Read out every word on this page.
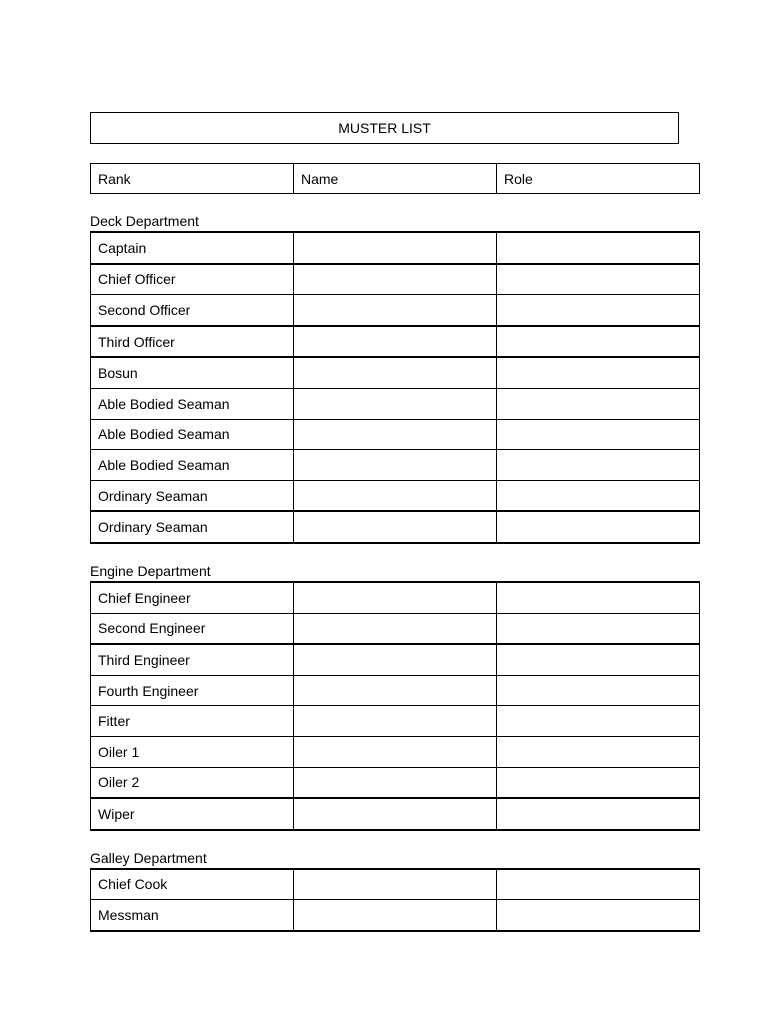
MUSTER LIST
Rank	Name	Role
Deck Department
Captain		
Chief Officer		
Second Officer		
Third Officer		
Bosun		
Able Bodied Seaman		
Able Bodied Seaman		
Able Bodied Seaman		
Ordinary Seaman		
Ordinary Seaman		
Engine Department
Chief Engineer		
Second Engineer		
Third Engineer		
Fourth Engineer		
Fitter		
Oiler 1		
Oiler 2		
Wiper		
Galley Department
Chief Cook		
Messman		
